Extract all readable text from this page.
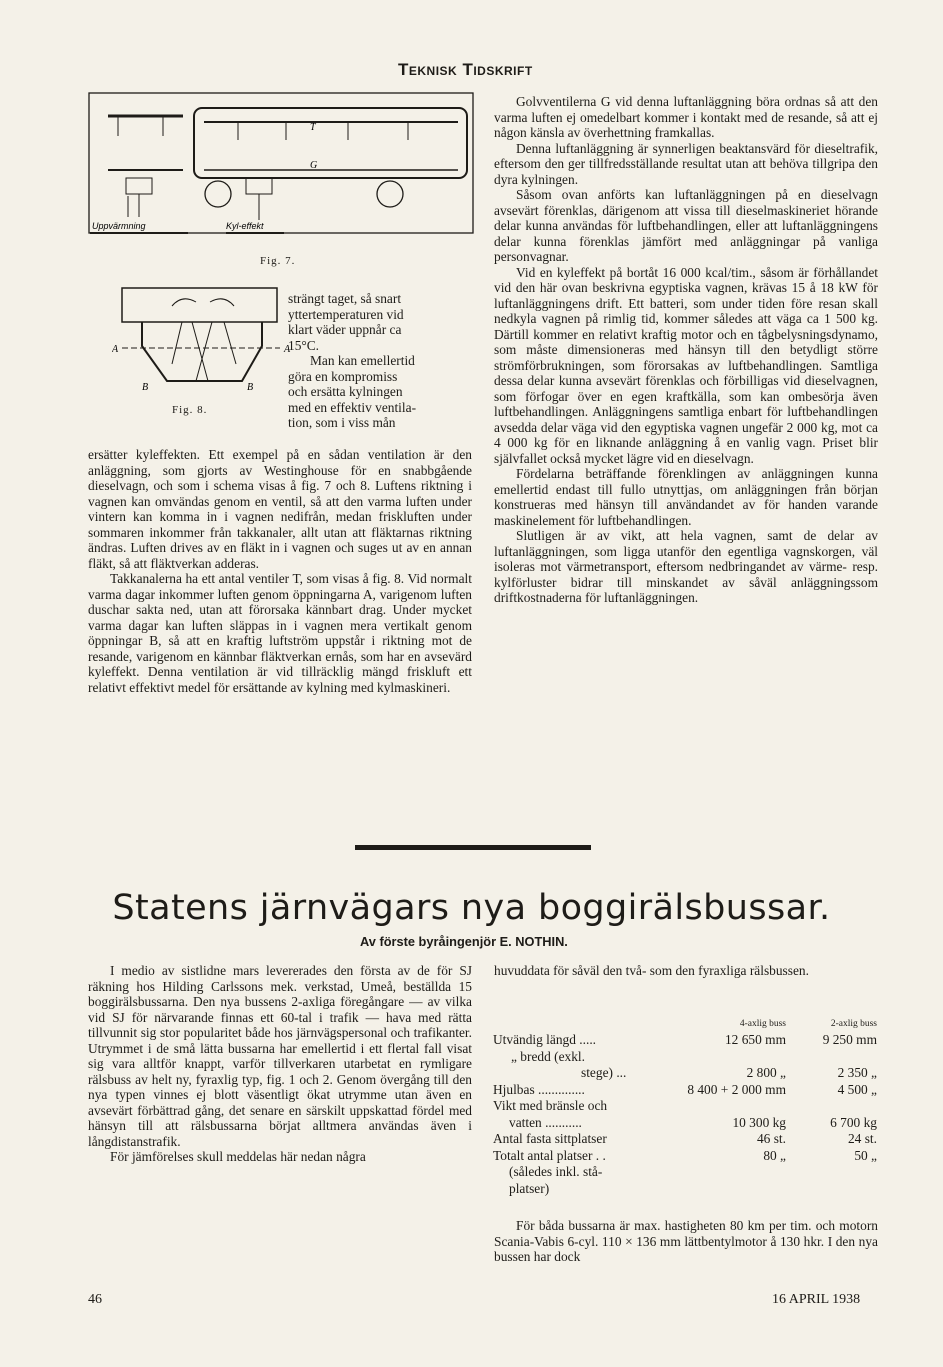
Teknisk Tidskrift
T
G
Uppvärmning	Kyl-effekt
Fig. 7.
A	A
B	B
Fig. 8.
strängt taget, så snart
yttertemperaturen vid
klart väder uppnår ca
15°C.
Man kan emellertid
göra en kompromiss
och ersätta kylningen
med en effektiv ventila-
tion, som i viss mån

ersätter kyleffekten. Ett exempel på en sådan ventilation är den anläggning, som gjorts av Westinghouse för en snabbgående dieselvagn, och som i schema visas å fig. 7 och 8. Luftens riktning i vagnen kan omvändas genom en ventil, så att den varma luften under vintern kan komma in i vagnen nedifrån, medan friskluften under sommaren inkommer från takkanaler, allt utan att fläktarnas riktning ändras. Luften drives av en fläkt in i vagnen och suges ut av en annan fläkt, så att fläktverkan adderas.

Takkanalerna ha ett antal ventiler T, som visas å fig. 8. Vid normalt varma dagar inkommer luften genom öppningarna A, varigenom luften duschar sakta ned, utan att förorsaka kännbart drag. Under mycket varma dagar kan luften släppas in i vagnen mera vertikalt genom öppningar B, så att en kraftig luftström uppstår i riktning mot de resande, varigenom en kännbar fläktverkan ernås, som har en avsevärd kyleffekt. Denna ventilation är vid tillräcklig mängd friskluft ett relativt effektivt medel för ersättande av kylning med kylmaskineri.

Golvventilerna G vid denna luftanläggning böra ordnas så att den varma luften ej omedelbart kommer i kontakt med de resande, så att ej någon känsla av överhettning framkallas.

Denna luftanläggning är synnerligen beaktansvärd för dieseltrafik, eftersom den ger tillfredsställande resultat utan att behöva tillgripa den dyra kylningen.

Såsom ovan anförts kan luftanläggningen på en dieselvagn avsevärt förenklas, därigenom att vissa till dieselmaskineriet hörande delar kunna användas för luftbehandlingen, eller att luftanläggningens delar kunna förenklas jämfört med anläggningar på vanliga personvagnar.

Vid en kyleffekt på bortåt 16 000 kcal/tim., såsom är förhållandet vid den här ovan beskrivna egyptiska vagnen, krävas 15 å 18 kW för luftanläggningens drift. Ett batteri, som under tiden före resan skall nedkyla vagnen på rimlig tid, kommer således att väga ca 1 500 kg. Därtill kommer en relativt kraftig motor och en tågbelysningsdynamo, som måste dimensioneras med hänsyn till den betydligt större strömförbrukningen, som förorsakas av luftbehandlingen. Samtliga dessa delar kunna avsevärt förenklas och förbilligas vid dieselvagnen, som förfogar över en egen kraftkälla, som kan ombesörja även luftbehandlingen. Anläggningens samtliga enbart för luftbehandlingen avsedda delar väga vid den egyptiska vagnen ungefär 2 000 kg, mot ca 4 000 kg för en liknande anläggning å en vanlig vagn. Priset blir självfallet också mycket lägre vid en dieselvagn.

Fördelarna beträffande förenklingen av anläggningen kunna emellertid endast till fullo utnyttjas, om anläggningen från början konstrueras med hänsyn till användandet av för handen varande maskinelement för luftbehandlingen.

Slutligen är av vikt, att hela vagnen, samt de delar av luftanläggningen, som ligga utanför den egentliga vagnskorgen, väl isoleras mot värmetransport, eftersom nedbringandet av värme- resp. kylförluster bidrar till minskandet av såväl anläggningssom driftkostnaderna för luftanläggningen.

Statens järnvägars nya boggirälsbussar.
Av förste byråingenjör E. NOTHIN.

I medio av sistlidne mars levererades den första av de för SJ räkning hos Hilding Carlssons mek. verkstad, Umeå, beställda 15 boggirälsbussarna. Den nya bussens 2-axliga föregångare — av vilka vid SJ för närvarande finnas ett 60-tal i trafik — hava med rätta tillvunnit sig stor popularitet både hos järnvägspersonal och trafikanter. Utrymmet i de små lätta bussarna har emellertid i ett flertal fall visat sig vara alltför knappt, varför tillverkaren utarbetat en rymligare rälsbuss av helt ny, fyraxlig typ, fig. 1 och 2. Genom övergång till den nya typen vinnes ej blott väsentligt ökat utrymme utan även en avsevärt förbättrad gång, det senare en särskilt uppskattad fördel med hänsyn till att rälsbussarna börjat alltmera användas även i långdistanstrafik.

För jämförelses skull meddelas här nedan några

huvuddata för såväl den två- som den fyraxliga rälsbussen.

4-axlig buss	2-axlig buss
Utvändig längd .....	12 650 mm	9 250 mm
„ bredd (exkl.
stege) ...	2 800 „	2 350 „
Hjulbas ..............	8 400 + 2 000 mm	4 500 „
Vikt med bränsle och
vatten ...........	10 300 kg	6 700 kg
Antal fasta sittplatser	46 st.	24 st.
Totalt antal platser . .	80 „	50 „
(således inkl. stå-
platser)

För båda bussarna är max. hastigheten 80 km per tim. och motorn Scania-Vabis 6-cyl. 110 × 136 mm lättbentylmotor å 130 hkr. I den nya bussen har dock

46	16 APRIL 1938
